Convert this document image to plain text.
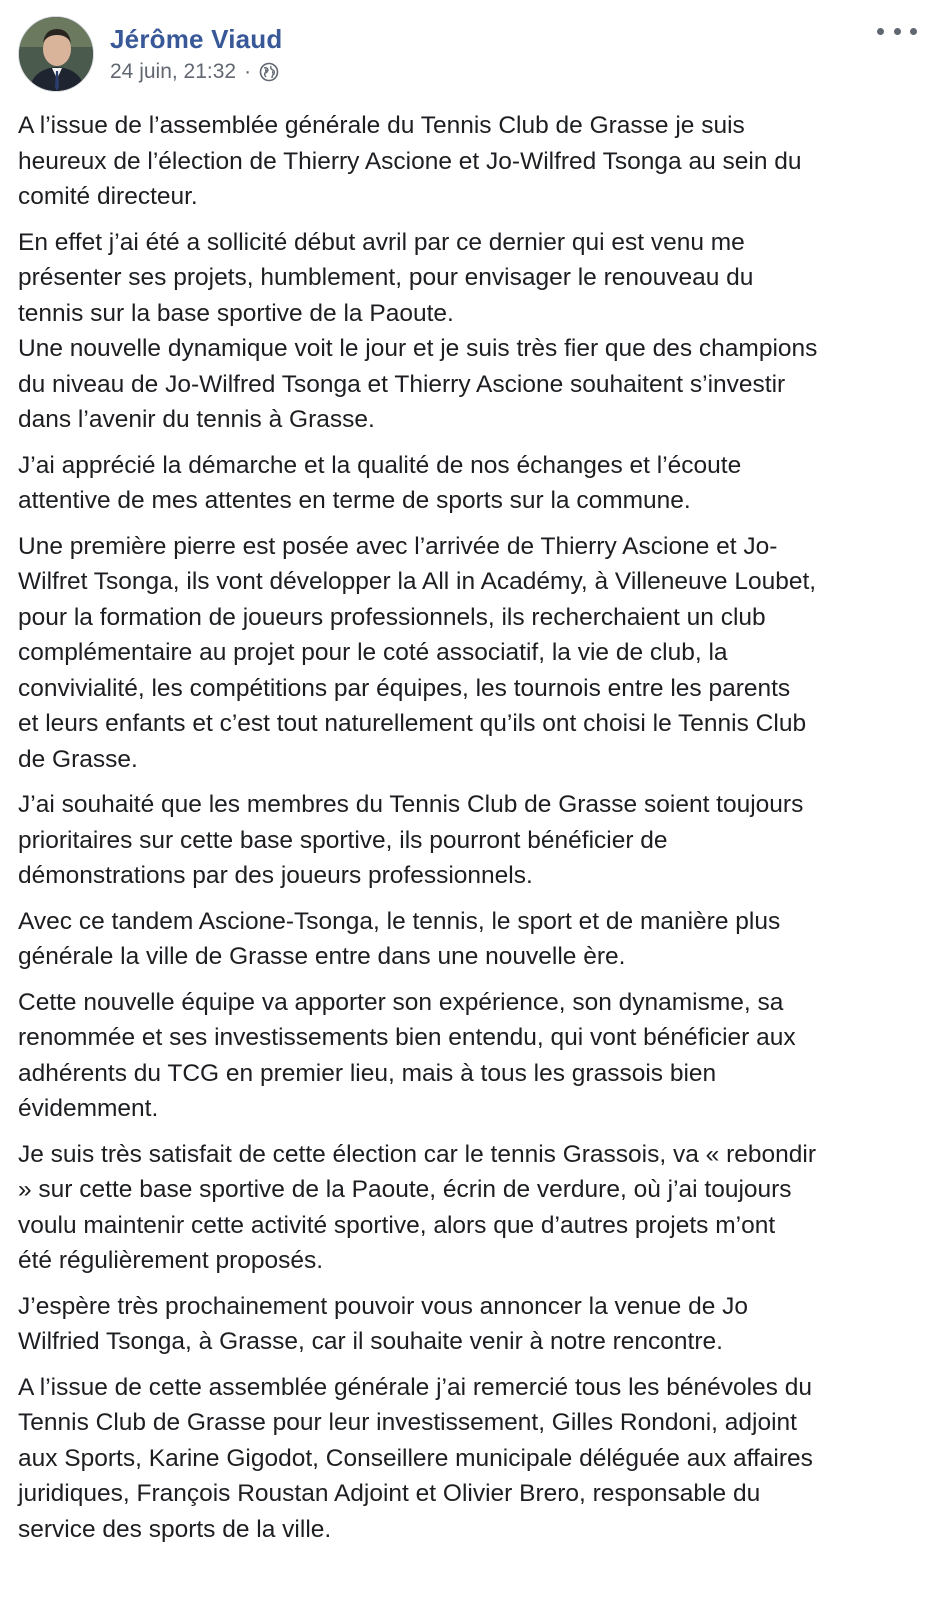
Jérôme Viaud
24 juin, 21:32 ·

A l’issue de l’assemblée générale du Tennis Club de Grasse je suis
heureux de l’élection de Thierry Ascione et Jo-Wilfred Tsonga au sein du
comité directeur.

En effet j’ai été a sollicité début avril par ce dernier qui est venu me
présenter ses projets, humblement, pour envisager le renouveau du
tennis sur la base sportive de la Paoute.
Une nouvelle dynamique voit le jour et je suis très fier que des champions
du niveau de Jo-Wilfred Tsonga et Thierry Ascione souhaitent s’investir
dans l’avenir du tennis à Grasse.

J’ai apprécié la démarche et la qualité de nos échanges et l’écoute
attentive de mes attentes en terme de sports sur la commune.

Une première pierre est posée avec l’arrivée de Thierry Ascione et Jo-
Wilfret Tsonga, ils vont développer la All in Académy, à Villeneuve Loubet,
pour la formation de joueurs professionnels, ils recherchaient un club
complémentaire au projet pour le coté associatif, la vie de club, la
convivialité, les compétitions par équipes, les tournois entre les parents
et leurs enfants et c’est tout naturellement qu’ils ont choisi le Tennis Club
de Grasse.

J’ai souhaité que les membres du Tennis Club de Grasse soient toujours
prioritaires sur cette base sportive, ils pourront bénéficier de
démonstrations par des joueurs professionnels.

Avec ce tandem Ascione-Tsonga, le tennis, le sport et de manière plus
générale la ville de Grasse entre dans une nouvelle ère.

Cette nouvelle équipe va apporter son expérience, son dynamisme, sa
renommée et ses investissements bien entendu, qui vont bénéficier aux
adhérents du TCG en premier lieu, mais à tous les grassois bien
évidemment.

Je suis très satisfait de cette élection car le tennis Grassois, va « rebondir
» sur cette base sportive de la Paoute, écrin de verdure, où j’ai toujours
voulu maintenir cette activité sportive, alors que d’autres projets m’ont
été régulièrement proposés.

J’espère très prochainement pouvoir vous annoncer la venue de Jo
Wilfried Tsonga, à Grasse, car il souhaite venir à notre rencontre.

A l’issue de cette assemblée générale j’ai remercié tous les bénévoles du
Tennis Club de Grasse pour leur investissement, Gilles Rondoni, adjoint
aux Sports, Karine Gigodot, Conseillere municipale déléguée aux affaires
juridiques, François Roustan Adjoint et Olivier Brero, responsable du
service des sports de la ville.
